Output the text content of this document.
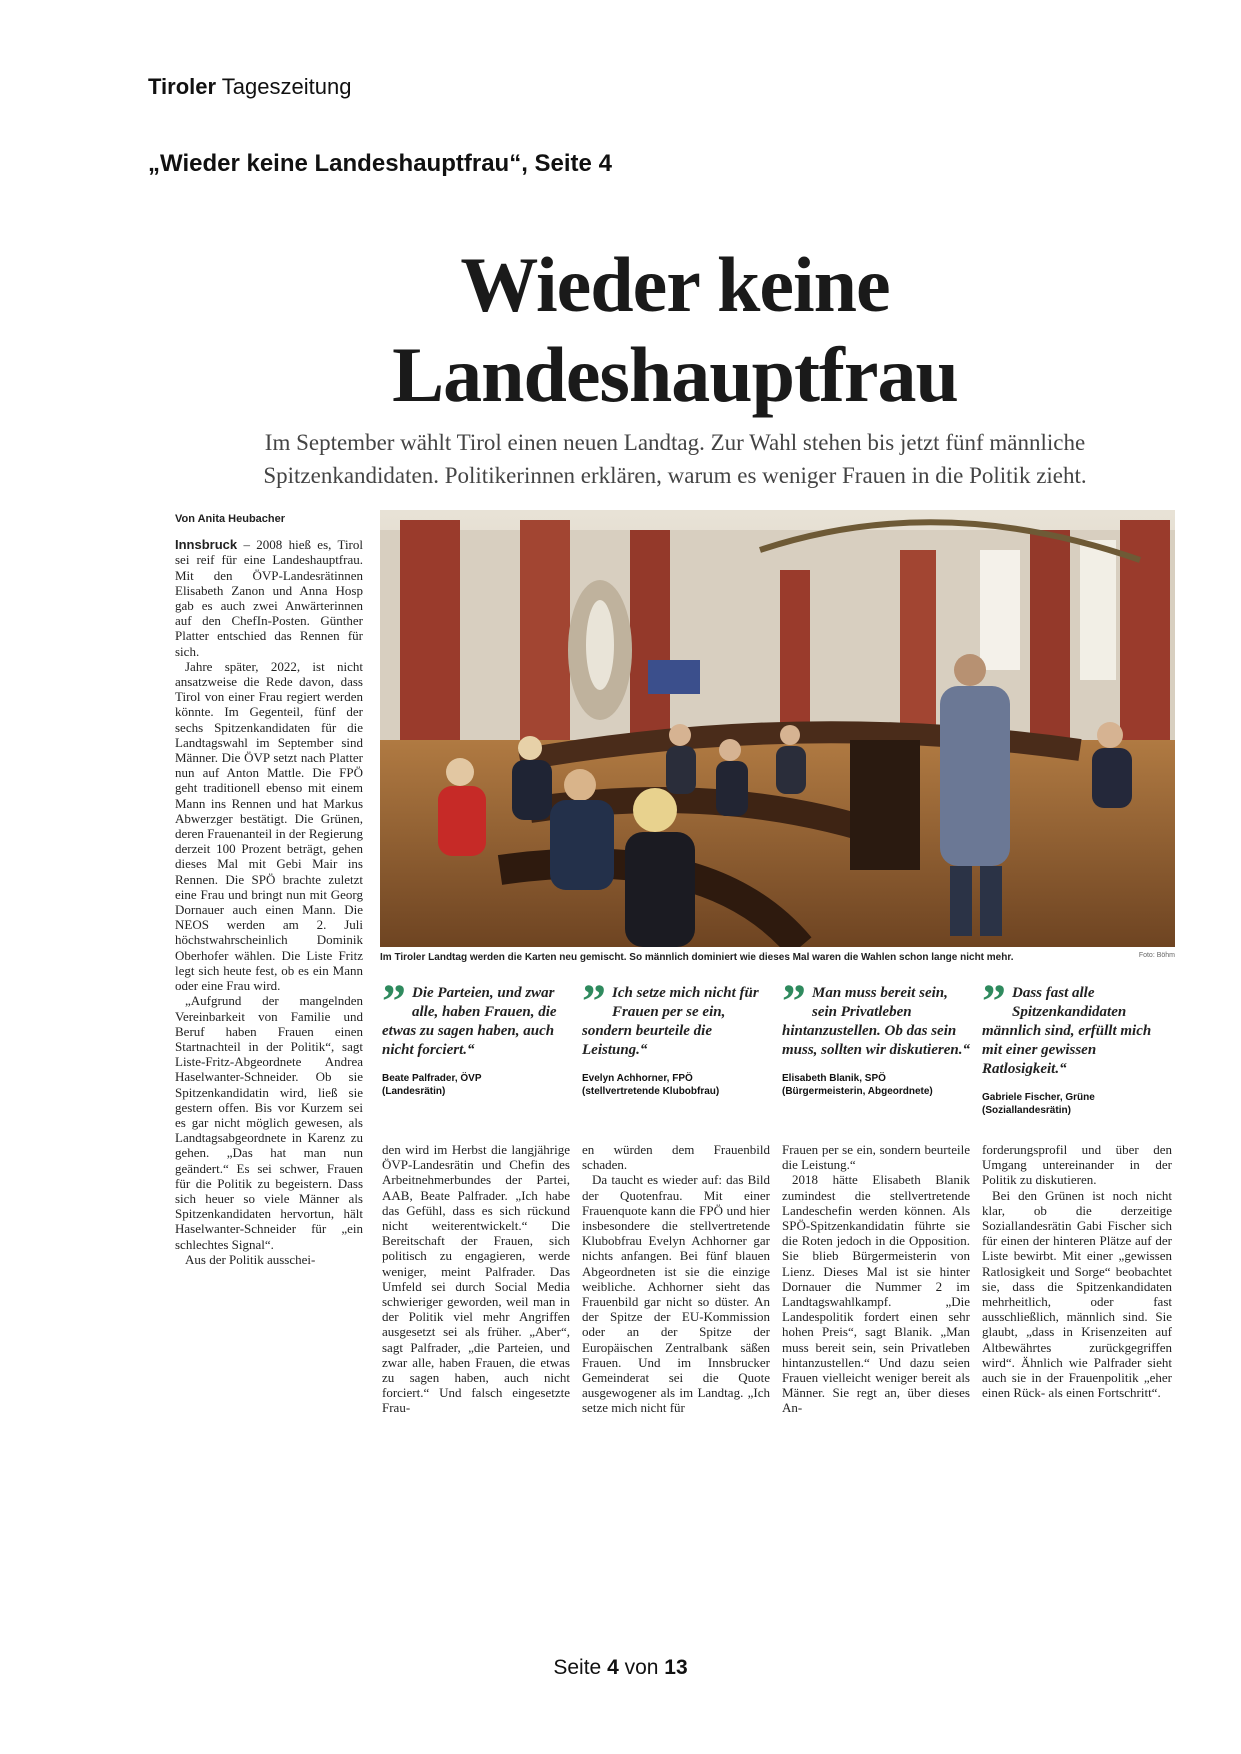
Tiroler Tageszeitung
„Wieder keine Landeshauptfrau“, Seite 4
Wieder keine Landeshauptfrau

Im September wählt Tirol einen neuen Landtag. Zur Wahl stehen bis jetzt fünf männliche
Spitzenkandidaten. Politikerinnen erklären, warum es weniger Frauen in die Politik zieht.

Von Anita Heubacher

Innsbruck – 2008 hieß es, Tirol sei reif für eine Landeshauptfrau. Mit den ÖVP-Landesrätinnen Elisabeth Zanon und Anna Hosp gab es auch zwei Anwärterinnen auf den ChefIn-Posten. Günther Platter entschied das Rennen für sich.

Jahre später, 2022, ist nicht ansatzweise die Rede davon, dass Tirol von einer Frau regiert werden könnte. Im Gegenteil, fünf der sechs Spitzenkandidaten für die Landtagswahl im September sind Männer. Die ÖVP setzt nach Platter nun auf Anton Mattle. Die FPÖ geht traditionell ebenso mit einem Mann ins Rennen und hat Markus Abwerzger bestätigt. Die Grünen, deren Frauenanteil in der Regierung derzeit 100 Prozent beträgt, gehen dieses Mal mit Gebi Mair ins Rennen. Die SPÖ brachte zuletzt eine Frau und bringt nun mit Georg Dornauer auch einen Mann. Die NEOS werden am 2. Juli höchstwahrscheinlich Dominik Oberhofer wählen. Die Liste Fritz legt sich heute fest, ob es ein Mann oder eine Frau wird.

„Aufgrund der mangelnden Vereinbarkeit von Familie und Beruf haben Frauen einen Startnachteil in der Politik“, sagt Liste-Fritz-Abgeordnete Andrea Haselwanter-Schneider. Ob sie Spitzenkandidatin wird, ließ sie gestern offen. Bis vor Kurzem sei es gar nicht möglich gewesen, als Landtagsabgeordnete in Karenz zu gehen. „Das hat man nun geändert.“ Es sei schwer, Frauen für die Politik zu begeistern. Dass sich heuer so viele Männer als Spitzenkandidaten hervortun, hält Haselwanter-Schneider für „ein schlechtes Signal“.

Aus der Politik ausschei-

Im Tiroler Landtag werden die Karten neu gemischt. So männlich dominiert wie dieses Mal waren die Wahlen schon lange nicht mehr.	Foto: Böhm
” Die Parteien, und zwar alle, haben Frauen, die etwas zu sagen haben, auch nicht forciert.“
Beate Palfrader, ÖVP
(Landesrätin)
” Ich setze mich nicht für Frauen per se ein, sondern beurteile die Leistung.“
Evelyn Achhorner, FPÖ
(stellvertretende Klubobfrau)
” Man muss bereit sein, sein Privatleben hintanzustellen. Ob das sein muss, sollten wir diskutieren.“
Elisabeth Blanik, SPÖ
(Bürgermeisterin, Abgeordnete)
” Dass fast alle Spitzenkandidaten männlich sind, erfüllt mich mit einer gewissen Ratlosigkeit.“
Gabriele Fischer, Grüne
(Soziallandesrätin)

den wird im Herbst die langjährige ÖVP-Landesrätin und Chefin des Arbeitnehmerbundes der Partei, AAB, Beate Palfrader. „Ich habe das Gefühl, dass es sich rückund nicht weiterentwickelt.“ Die Bereitschaft der Frauen, sich politisch zu engagieren, werde weniger, meint Palfrader. Das Umfeld sei durch Social Media schwieriger geworden, weil man in der Politik viel mehr Angriffen ausgesetzt sei als früher. „Aber“, sagt Palfrader, „die Parteien, und zwar alle, haben Frauen, die etwas zu sagen haben, auch nicht forciert.“ Und falsch eingesetzte Frau-

en würden dem Frauenbild schaden.

Da taucht es wieder auf: das Bild der Quotenfrau. Mit einer Frauenquote kann die FPÖ und hier insbesondere die stellvertretende Klubobfrau Evelyn Achhorner gar nichts anfangen. Bei fünf blauen Abgeordneten ist sie die einzige weibliche. Achhorner sieht das Frauenbild gar nicht so düster. An der Spitze der EU-Kommission oder an der Spitze der Europäischen Zentralbank säßen Frauen. Und im Innsbrucker Gemeinderat sei die Quote ausgewogener als im Landtag. „Ich setze mich nicht für

Frauen per se ein, sondern beurteile die Leistung.“

2018 hätte Elisabeth Blanik zumindest die stellvertretende Landeschefin werden können. Als SPÖ-Spitzenkandidatin führte sie die Roten jedoch in die Opposition. Sie blieb Bürgermeisterin von Lienz. Dieses Mal ist sie hinter Dornauer die Nummer 2 im Landtagswahlkampf. „Die Landespolitik fordert einen sehr hohen Preis“, sagt Blanik. „Man muss bereit sein, sein Privatleben hintanzustellen.“ Und dazu seien Frauen vielleicht weniger bereit als Männer. Sie regt an, über dieses An-

forderungsprofil und über den Umgang untereinander in der Politik zu diskutieren.

Bei den Grünen ist noch nicht klar, ob die derzeitige Soziallandesrätin Gabi Fischer sich für einen der hinteren Plätze auf der Liste bewirbt. Mit einer „gewissen Ratlosigkeit und Sorge“ beobachtet sie, dass die Spitzenkandidaten mehrheitlich, oder fast ausschließlich, männlich sind. Sie glaubt, „dass in Krisenzeiten auf Altbewährtes zurückgegriffen wird“. Ähnlich wie Palfrader sieht auch sie in der Frauenpolitik „eher einen Rück- als einen Fortschritt“.

Seite 4 von 13
